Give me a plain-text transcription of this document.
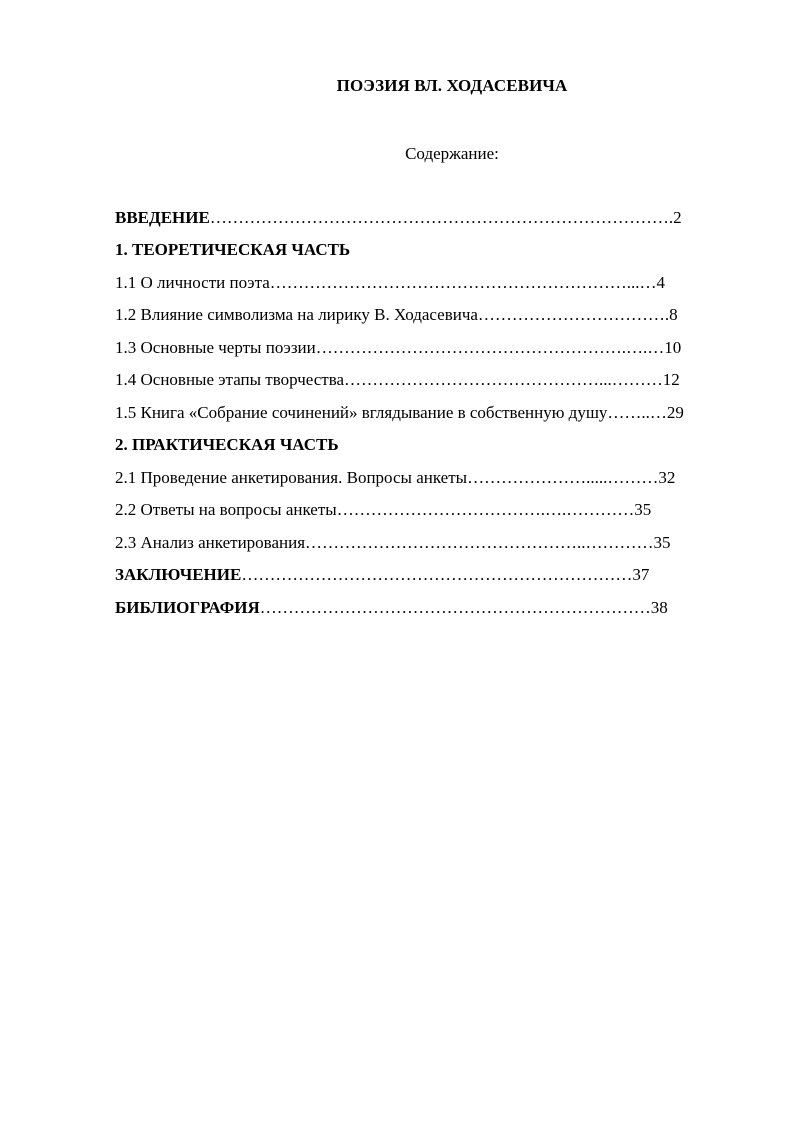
ПОЭЗИЯ ВЛ. ХОДАСЕВИЧА
Содержание:
ВВЕДЕНИЕ……………………………………………………………………….2
1. ТЕОРЕТИЧЕСКАЯ ЧАСТЬ
1.1 О личности поэта………………………………………………………...…4
1.2 Влияние символизма на лирику В. Ходасевича…………………………….8
1.3 Основные черты поэзии……………………………………………….….…10
1.4 Основные этапы творчества………………………………………...………12
1.5 Книга «Собрание сочинений» вглядывание в собственную душу……..…29
2. ПРАКТИЧЕСКАЯ ЧАСТЬ
2.1 Проведение анкетирования. Вопросы анкеты………………….....………32
2.2 Ответы на вопросы анкеты……………………………….….…………35
2.3 Анализ анкетирования…………………………………………..…………35
ЗАКЛЮЧЕНИЕ……………………………………………………………37
БИБЛИОГРАФИЯ……………………………………………………………38
